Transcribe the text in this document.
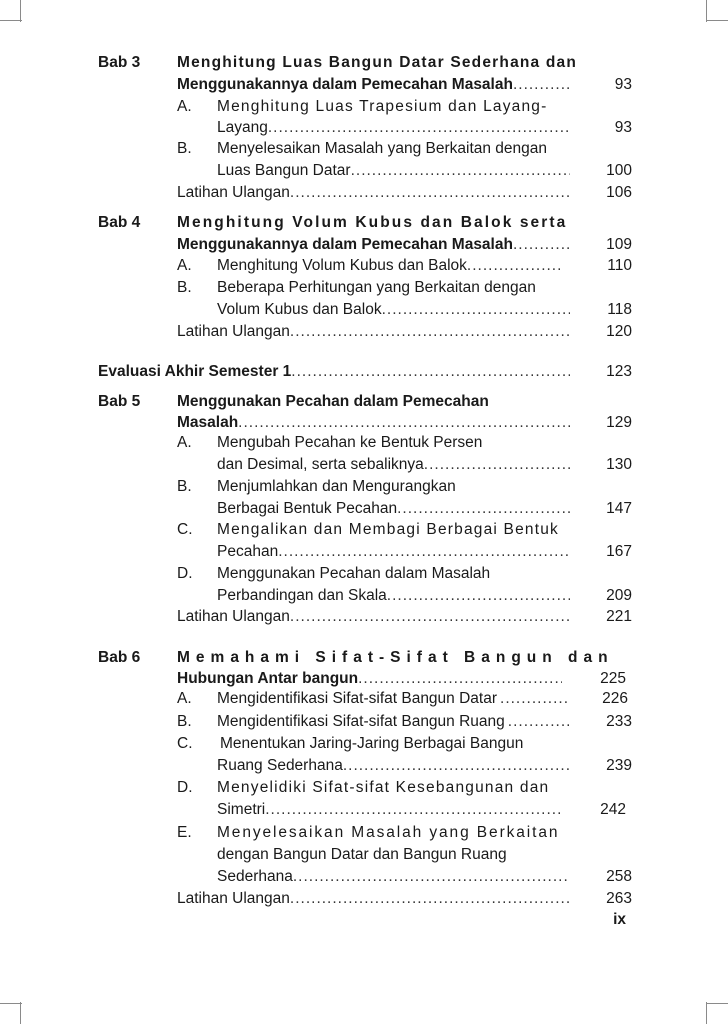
Bab 3 Menghitung Luas Bangun Datar Sederhana dan
Menggunakannya dalam Pemecahan Masalah .....	93
A. Menghitung Luas Trapesium dan Layang-
Layang .....	93
B. Menyelesaikan Masalah yang Berkaitan dengan
Luas Bangun Datar .....	100
Latihan Ulangan .....	106
Bab 4 Menghitung Volum Kubus dan Balok serta
Menggunakannya dalam Pemecahan Masalah .....	109
A. Menghitung Volum Kubus dan Balok .....	110
B. Beberapa Perhitungan yang Berkaitan dengan
Volum Kubus dan Balok .....	118
Latihan Ulangan .....	120
Evaluasi Akhir Semester 1 .....	123
Bab 5 Menggunakan Pecahan dalam Pemecahan
Masalah .....	129
A. Mengubah Pecahan ke Bentuk Persen
dan Desimal, serta sebaliknya .....	130
B. Menjumlahkan dan Mengurangkan
Berbagai Bentuk Pecahan .....	147
C. Mengalikan dan Membagi Berbagai Bentuk
Pecahan .....	167
D. Menggunakan Pecahan dalam Masalah
Perbandingan dan Skala .....	209
Latihan Ulangan .....	221
Bab 6 Memahami Sifat-Sifat Bangun dan
Hubungan Antar bangun .....	225
A. Mengidentifikasi Sifat-sifat Bangun Datar .....	226
B. Mengidentifikasi Sifat-sifat Bangun Ruang .....	233
C. Menentukan Jaring-Jaring Berbagai Bangun
Ruang Sederhana .....	239
D. Menyelidiki Sifat-sifat Kesebangunan dan
Simetri .....	242
E. Menyelesaikan Masalah yang Berkaitan
dengan Bangun Datar dan Bangun Ruang
Sederhana .....	258
Latihan Ulangan .....	263
ix
